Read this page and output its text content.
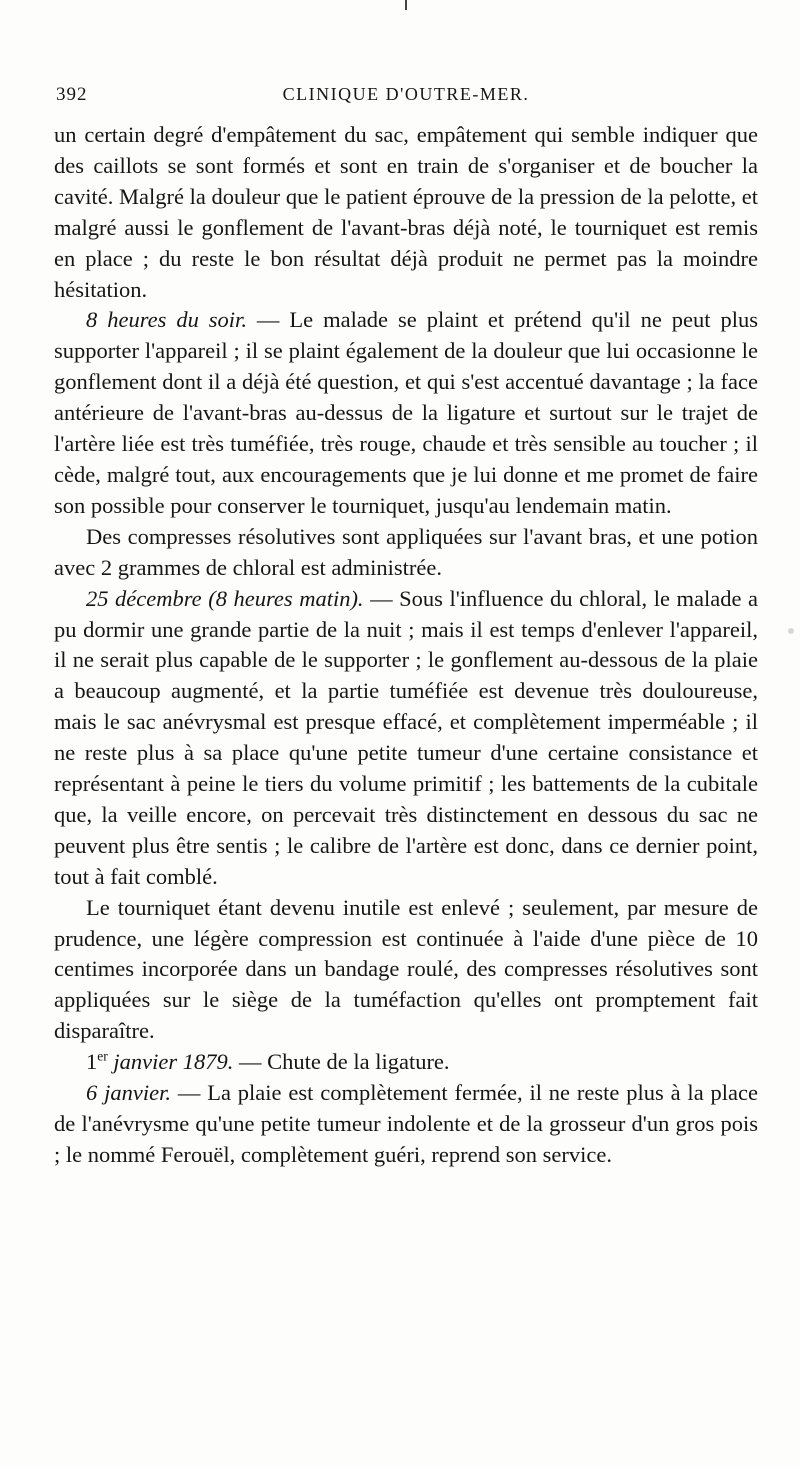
392	CLINIQUE D'OUTRE-MER.

un certain degré d'empâtement du sac, empâtement qui semble indiquer que des caillots se sont formés et sont en train de s'organiser et de boucher la cavité. Malgré la douleur que le patient éprouve de la pression de la pelotte, et malgré aussi le gonflement de l'avant-bras déjà noté, le tourniquet est remis en place ; du reste le bon résultat déjà produit ne permet pas la moindre hésitation.

8 heures du soir. — Le malade se plaint et prétend qu'il ne peut plus supporter l'appareil ; il se plaint également de la douleur que lui occasionne le gonflement dont il a déjà été question, et qui s'est accentué davantage ; la face antérieure de l'avant-bras au-dessus de la ligature et surtout sur le trajet de l'artère liée est très tuméfiée, très rouge, chaude et très sensible au toucher ; il cède, malgré tout, aux encouragements que je lui donne et me promet de faire son possible pour conserver le tourniquet, jusqu'au lendemain matin.

Des compresses résolutives sont appliquées sur l'avant bras, et une potion avec 2 grammes de chloral est administrée.

25 décembre (8 heures matin). — Sous l'influence du chloral, le malade a pu dormir une grande partie de la nuit ; mais il est temps d'enlever l'appareil, il ne serait plus capable de le supporter ; le gonflement au-dessous de la plaie a beaucoup augmenté, et la partie tuméfiée est devenue très douloureuse, mais le sac anévrysmal est presque effacé, et complètement imperméable ; il ne reste plus à sa place qu'une petite tumeur d'une certaine consistance et représentant à peine le tiers du volume primitif ; les battements de la cubitale que, la veille encore, on percevait très distinctement en dessous du sac ne peuvent plus être sentis ; le calibre de l'artère est donc, dans ce dernier point, tout à fait comblé.

Le tourniquet étant devenu inutile est enlevé ; seulement, par mesure de prudence, une légère compression est continuée à l'aide d'une pièce de 10 centimes incorporée dans un bandage roulé, des compresses résolutives sont appliquées sur le siège de la tuméfaction qu'elles ont promptement fait disparaître.

1er janvier 1879. — Chute de la ligature.

6 janvier. — La plaie est complètement fermée, il ne reste plus à la place de l'anévrysme qu'une petite tumeur indolente et de la grosseur d'un gros pois ; le nommé Ferouël, complètement guéri, reprend son service.
